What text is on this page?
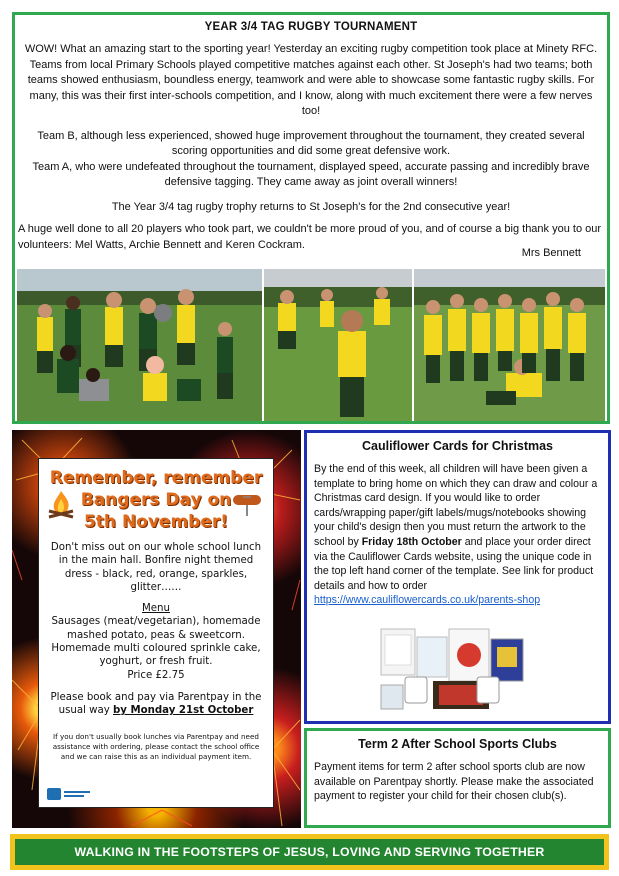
YEAR 3/4 TAG RUGBY TOURNAMENT

WOW! What an amazing start to the sporting year! Yesterday an exciting rugby competition took place at Minety RFC. Teams from local Primary Schools played competitive matches against each other. St Joseph's had two teams; both teams showed enthusiasm, boundless energy, teamwork and were able to showcase some fantastic rugby skills. For many, this was their first inter-schools competition, and I know, along with much excitement there were a few nerves too!

Team B, although less experienced, showed huge improvement throughout the tournament, they created several scoring opportunities and did some great defensive work.

Team A, who were undefeated throughout the tournament, displayed speed, accurate passing and incredibly brave defensive tagging. They came away as joint overall winners!

The Year 3/4 tag rugby trophy returns to St Joseph's for the 2nd consecutive year!

A huge well done to all 20 players who took part, we couldn't be more proud of you, and of course a big thank you to our volunteers: Mel Watts, Archie Bennett and Keren Cockram.

Mrs Bennett
Remember, remember
Bangers Day on
5th November!
Don't miss out on our whole school lunch in the main hall. Bonfire night themed dress - black, red, orange, sparkles, glitter……
Menu
Sausages (meat/vegetarian), homemade mashed potato, peas & sweetcorn. Homemade multi coloured sprinkle cake, yoghurt, or fresh fruit.
Price £2.75
Please book and pay via Parentpay in the usual way by Monday 21st October
If you don't usually book lunches via Parentpay and need assistance with ordering, please contact the school office and we can raise this as an individual payment item.
Cauliflower Cards for Christmas

By the end of this week, all children will have been given a template to bring home on which they can draw and colour a Christmas card design. If you would like to order cards/wrapping paper/gift labels/mugs/notebooks showing your child's design then you must return the artwork to the school by Friday 18th October and place your order direct via the Cauliflower Cards website, using the unique code in the top left hand corner of the template. See link for product details and how to order https://www.cauliflowercards.co.uk/parents-shop

Term 2 After School Sports Clubs

Payment items for term 2 after school sports club are now available on Parentpay shortly. Please make the associated payment to register your child for their chosen club(s).

WALKING IN THE FOOTSTEPS OF JESUS, LOVING AND SERVING TOGETHER
